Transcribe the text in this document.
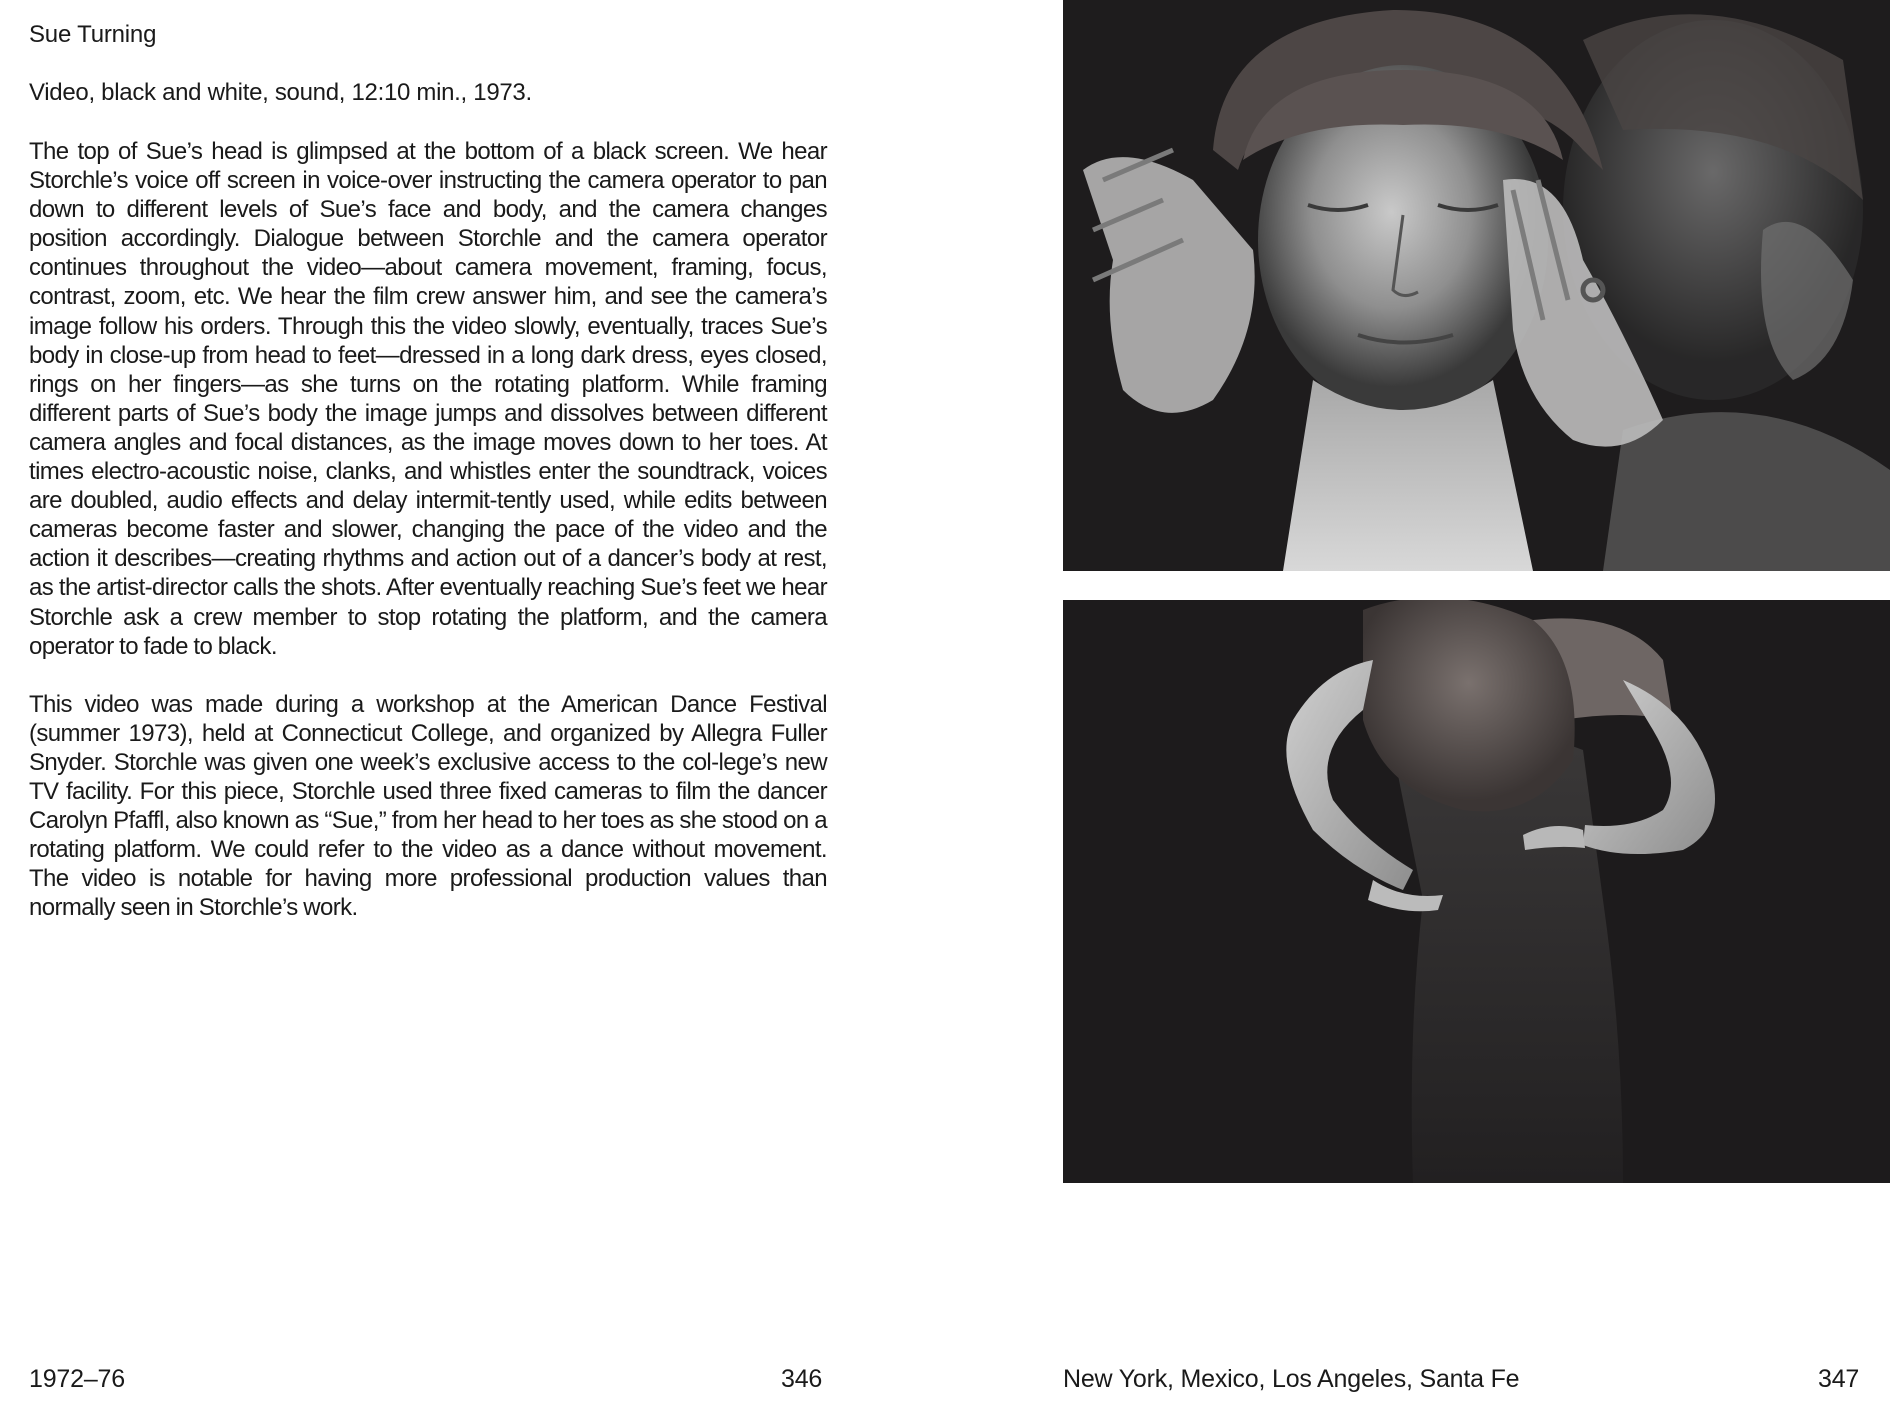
Sue Turning
Video, black and white, sound, 12:10 min., 1973.

The top of Sue’s head is glimpsed at the bottom of a black screen. We hear Storchle’s voice off screen in voice-over instructing the camera operator to pan down to different levels of Sue’s face and body, and the camera changes position accordingly. Dialogue between Storchle and the camera operator continues throughout the video—about camera movement, framing, focus, contrast, zoom, etc. We hear the film crew answer him, and see the camera’s image follow his orders. Through this the video slowly, eventually, traces Sue’s body in close-up from head to feet—dressed in a long dark dress, eyes closed, rings on her fingers—as she turns on the rotating platform. While framing different parts of Sue’s body the image jumps and dissolves between different camera angles and focal distances, as the image moves down to her toes. At times electro-acoustic noise, clanks, and whistles enter the soundtrack, voices are doubled, audio effects and delay intermit-tently used, while edits between cameras become faster and slower, changing the pace of the video and the action it describes—creating rhythms and action out of a dancer’s body at rest, as the artist-director calls the shots. After eventually reaching Sue’s feet we hear Storchle ask a crew member to stop rotating the platform, and the camera operator to fade to black.

This video was made during a workshop at the American Dance Festival (summer 1973), held at Connecticut College, and organized by Allegra Fuller Snyder. Storchle was given one week’s exclusive access to the col-lege’s new TV facility. For this piece, Storchle used three fixed cameras to film the dancer Carolyn Pfaffl, also known as “Sue,” from her head to her toes as she stood on a rotating platform. We could refer to the video as a dance without movement. The video is notable for having more professional production values than normally seen in Storchle’s work.

1972–76	346	New York, Mexico, Los Angeles, Santa Fe	347
